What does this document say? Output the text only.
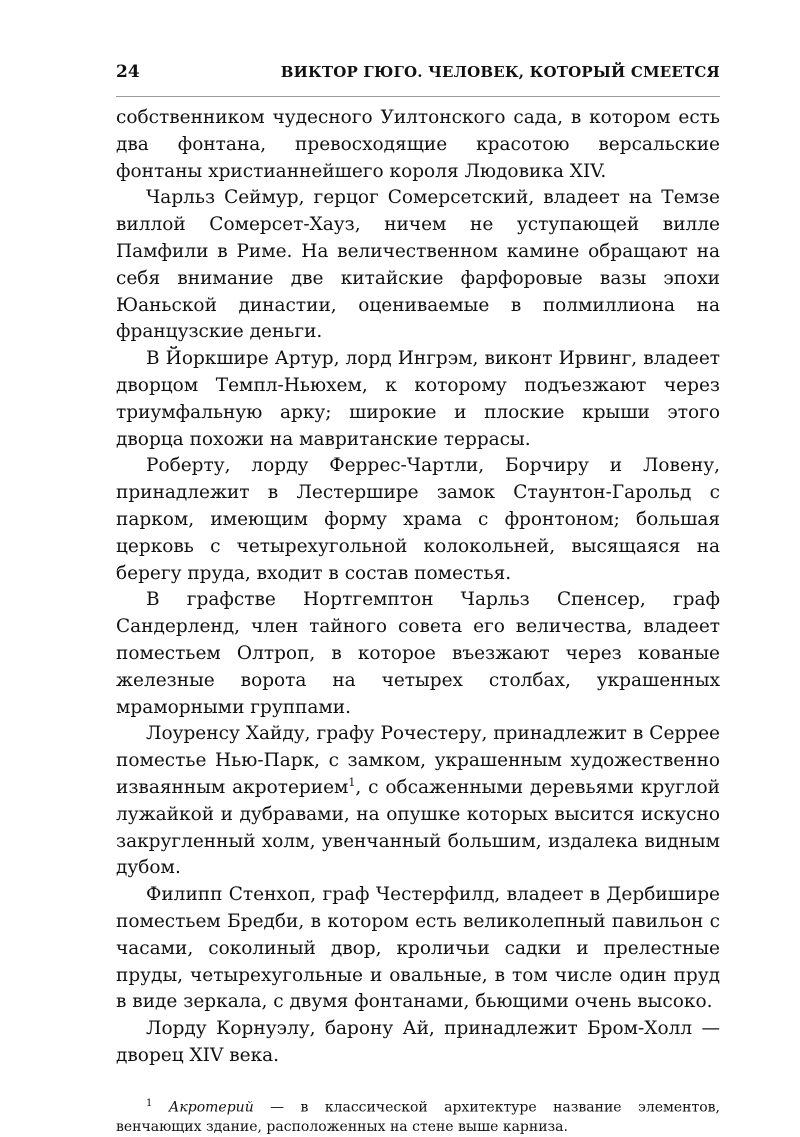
24	ВИКТОР ГЮГО. ЧЕЛОВЕК, КОТОРЫЙ СМЕЕТСЯ

собственником чудесного Уилтонского сада, в котором есть два фонтана, превосходящие красотою версальские фонтаны христианнейшего короля Людовика XIV.

Чарльз Сеймур, герцог Сомерсетский, владеет на Темзе виллой Сомерсет-Хауз, ничем не уступающей вилле Памфили в Риме. На величественном камине обращают на себя внимание две китайские фарфоровые вазы эпохи Юаньской династии, оцениваемые в полмиллиона на французские деньги.

В Йоркшире Артур, лорд Ингрэм, виконт Ирвинг, владеет дворцом Темпл-Ньюхем, к которому подъезжают через триумфальную арку; широкие и плоские крыши этого дворца похожи на мавританские террасы.

Роберту, лорду Феррес-Чартли, Борчиру и Ловену, принадлежит в Лестершире замок Стаунтон-Гарольд с парком, имеющим форму храма с фронтоном; большая церковь с четырехугольной колокольней, высящаяся на берегу пруда, входит в состав поместья.

В графстве Нортгемптон Чарльз Спенсер, граф Сандерленд, член тайного совета его величества, владеет поместьем Олтроп, в которое въезжают через кованые железные ворота на четырех столбах, украшенных мраморными группами.

Лоуренсу Хайду, графу Рочестеру, принадлежит в Серрее поместье Нью-Парк, с замком, украшенным художественно изваянным акротерием$^1$, с обсаженными деревьями круглой лужайкой и дубравами, на опушке которых высится искусно закругленный холм, увенчанный большим, издалека видным дубом.

Филипп Стенхоп, граф Честерфилд, владеет в Дербишире поместьем Бредби, в котором есть великолепный павильон с часами, соколиный двор, кроличьи садки и прелестные пруды, четырехугольные и овальные, в том числе один пруд в виде зеркала, с двумя фонтанами, бьющими очень высоко.

Лорду Корнуэлу, барону Ай, принадлежит Бром-Холл — дворец XIV века.

$^1$ Акротерий — в классической архитектуре название элементов, венчающих здание, расположенных на стене выше карниза.
